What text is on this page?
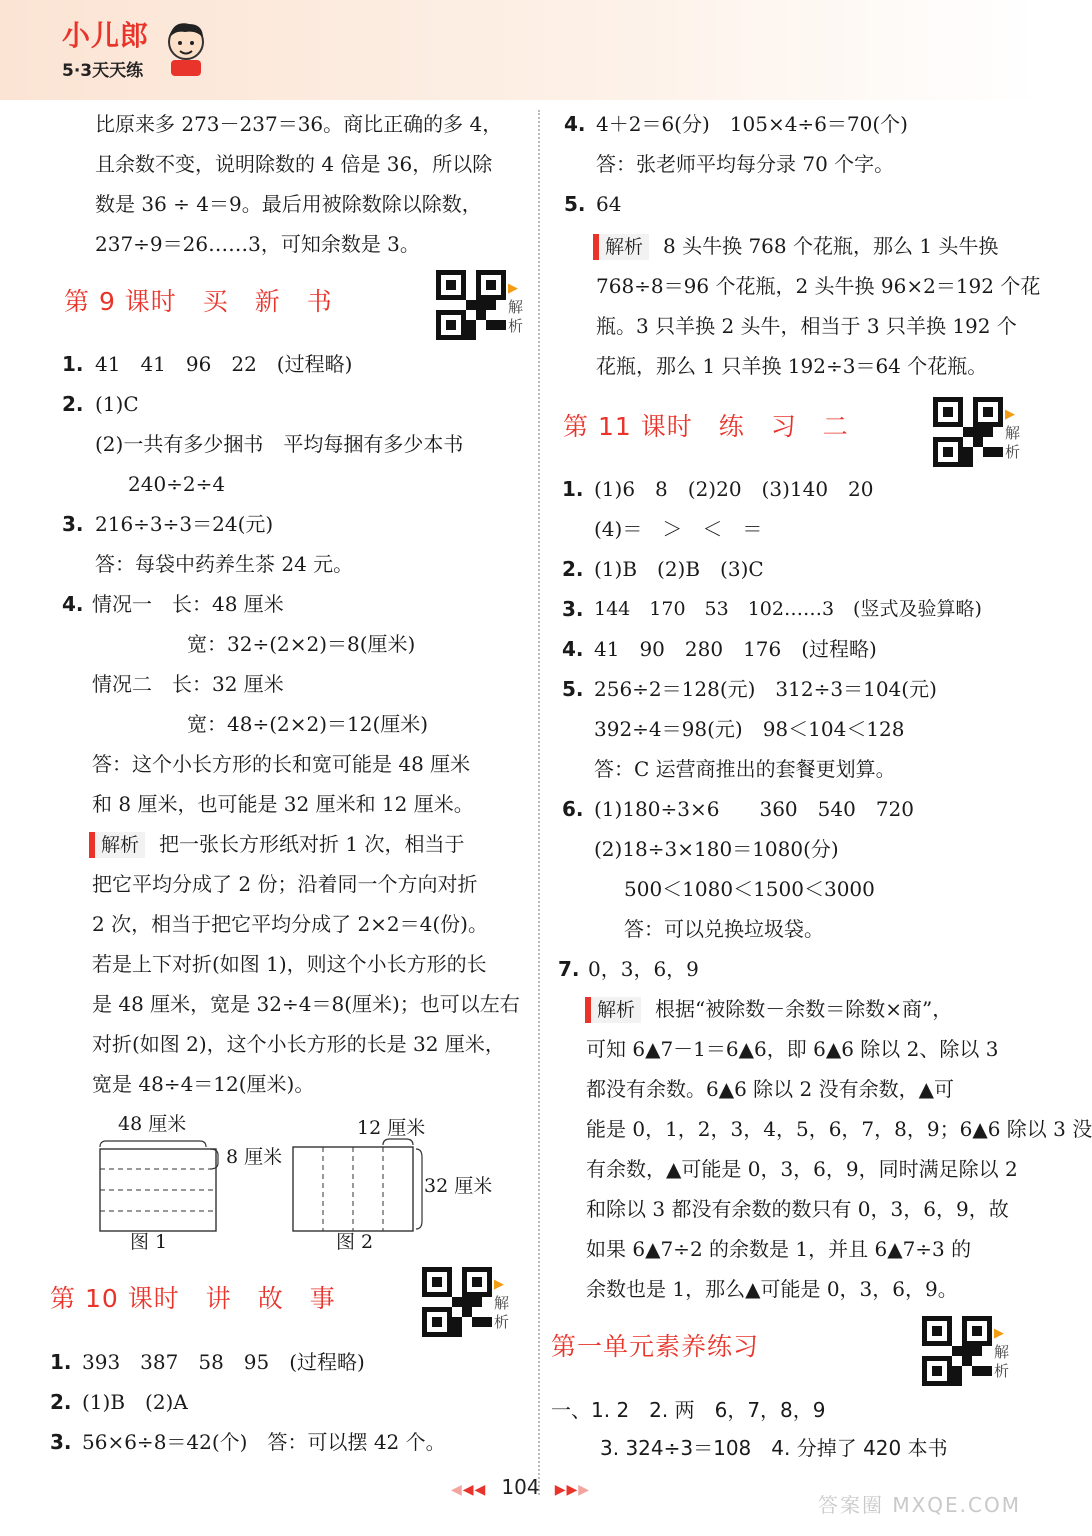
小儿郎
5·3天天练
比原来多 273－237＝36。商比正确的多 4，
且余数不变，说明除数的 4 倍是 36，所以除
数是 36 ÷ 4＝9。最后用被除数除以除数，
237÷9＝26……3，可知余数是 3。
第 9 课时　买　新　书	▶
解
析
1. 41　41　96　22　(过程略)
2. (1)C
(2)一共有多少捆书　平均每捆有多少本书
240÷2÷4
3. 216÷3÷3＝24(元)
答：每袋中药养生茶 24 元。
4. 情况一　长：48 厘米
宽：32÷(2×2)＝8(厘米)
情况二　长：32 厘米
宽：48÷(2×2)＝12(厘米)
答：这个小长方形的长和宽可能是 48 厘米
和 8 厘米，也可能是 32 厘米和 12 厘米。
解析 把一张长方形纸对折 1 次，相当于
把它平均分成了 2 份；沿着同一个方向对折
2 次，相当于把它平均分成了 2×2＝4(份)。
若是上下对折(如图 1)，则这个小长方形的长
是 48 厘米，宽是 32÷4＝8(厘米)；也可以左右
对折(如图 2)，这个小长方形的长是 32 厘米，
宽是 48÷4＝12(厘米)。
48 厘米
8 厘米
图 1
12 厘米
32 厘米
图 2
第 10 课时　讲　故　事	▶
解
析
1. 393　387　58　95　(过程略)
2. (1)B　(2)A
3. 56×6÷8＝42(个)　答：可以摆 42 个。
4. 4＋2＝6(分)　105×4÷6＝70(个)
答：张老师平均每分录 70 个字。
5. 64
解析 8 头牛换 768 个花瓶，那么 1 头牛换
768÷8＝96 个花瓶，2 头牛换 96×2＝192 个花
瓶。3 只羊换 2 头牛，相当于 3 只羊换 192 个
花瓶，那么 1 只羊换 192÷3＝64 个花瓶。
第 11 课时　练　习　二	▶
解
析
1. (1)6　8　(2)20　(3)140　20
(4)＝　＞　＜　＝
2. (1)B　(2)B　(3)C
3. 144　170　53　102……3　(竖式及验算略)
4. 41　90　280　176　(过程略)
5. 256÷2＝128(元)　312÷3＝104(元)
392÷4＝98(元)　98＜104＜128
答：C 运营商推出的套餐更划算。
6. (1)180÷3×6　　360　540　720
(2)18÷3×180＝1080(分)
500＜1080＜1500＜3000
答：可以兑换垃圾袋。
7. 0，3，6，9
解析 根据“被除数－余数＝除数×商”，
可知 6▲7－1＝6▲6，即 6▲6 除以 2、除以 3
都没有余数。6▲6 除以 2 没有余数，▲可
能是 0，1，2，3，4，5，6，7，8，9；6▲6 除以 3 没
有余数，▲可能是 0，3，6，9，同时满足除以 2
和除以 3 都没有余数的数只有 0，3，6，9，故
如果 6▲7÷2 的余数是 1，并且 6▲7÷3 的
余数也是 1，那么▲可能是 0，3，6，9。
第一单元素养练习	▶
解
析
一、1. 2　2. 两　6，7，8，9
3. 324÷3＝108　4. 分掉了 420 本书
◀◀◀ 104 ▶▶▶
答案圈 MXQE.COM
